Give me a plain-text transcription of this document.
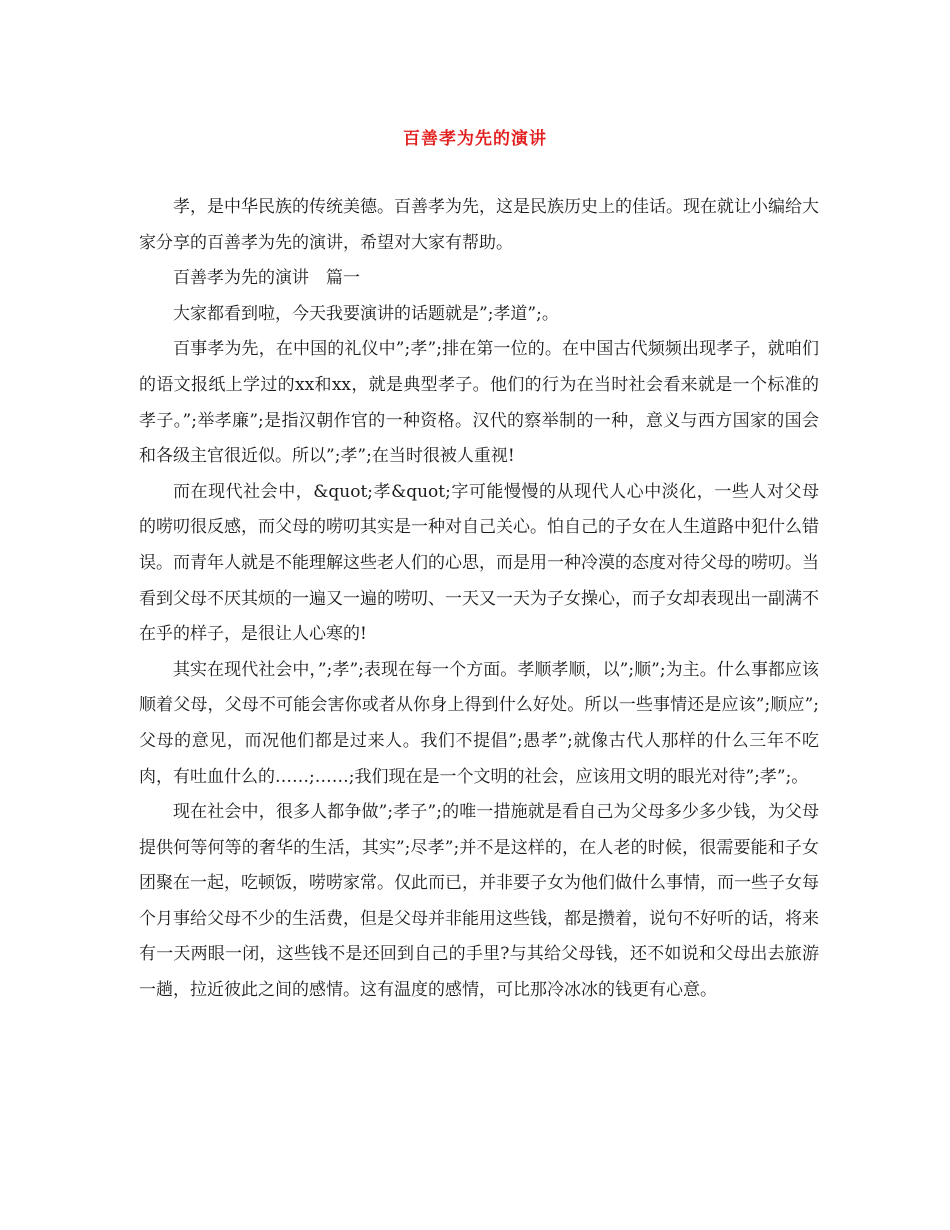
百善孝为先的演讲

孝，是中华民族的传统美德。百善孝为先，这是民族历史上的佳话。现在就让小编给大家分享的百善孝为先的演讲，希望对大家有帮助。

百善孝为先的演讲　篇一

大家都看到啦，今天我要演讲的话题就是”;孝道”;。

百事孝为先，在中国的礼仪中”;孝”;排在第一位的。在中国古代频频出现孝子，就咱们的语文报纸上学过的xx和xx，就是典型孝子。他们的行为在当时社会看来就是一个标准的孝子。”;举孝廉”;是指汉朝作官的一种资格。汉代的察举制的一种，意义与西方国家的国会和各级主官很近似。所以”;孝”;在当时很被人重视!

而在现代社会中，&quot;孝&quot;字可能慢慢的从现代人心中淡化，一些人对父母的唠叨很反感，而父母的唠叨其实是一种对自己关心。怕自己的子女在人生道路中犯什么错误。而青年人就是不能理解这些老人们的心思，而是用一种冷漠的态度对待父母的唠叨。当看到父母不厌其烦的一遍又一遍的唠叨、一天又一天为子女操心，而子女却表现出一副满不在乎的样子，是很让人心寒的!

其实在现代社会中，”;孝”;表现在每一个方面。孝顺孝顺，以”;顺”;为主。什么事都应该顺着父母，父母不可能会害你或者从你身上得到什么好处。所以一些事情还是应该”;顺应”;父母的意见，而况他们都是过来人。我们不提倡”;愚孝”;就像古代人那样的什么三年不吃肉，有吐血什么的……;……;我们现在是一个文明的社会，应该用文明的眼光对待”;孝”;。

现在社会中，很多人都争做”;孝子”;的唯一措施就是看自己为父母多少多少钱，为父母提供何等何等的奢华的生活，其实”;尽孝”;并不是这样的，在人老的时候，很需要能和子女团聚在一起，吃顿饭，唠唠家常。仅此而已，并非要子女为他们做什么事情，而一些子女每个月事给父母不少的生活费，但是父母并非能用这些钱，都是攒着，说句不好听的话，将来有一天两眼一闭，这些钱不是还回到自己的手里?与其给父母钱，还不如说和父母出去旅游一趟，拉近彼此之间的感情。这有温度的感情，可比那冷冰冰的钱更有心意。
